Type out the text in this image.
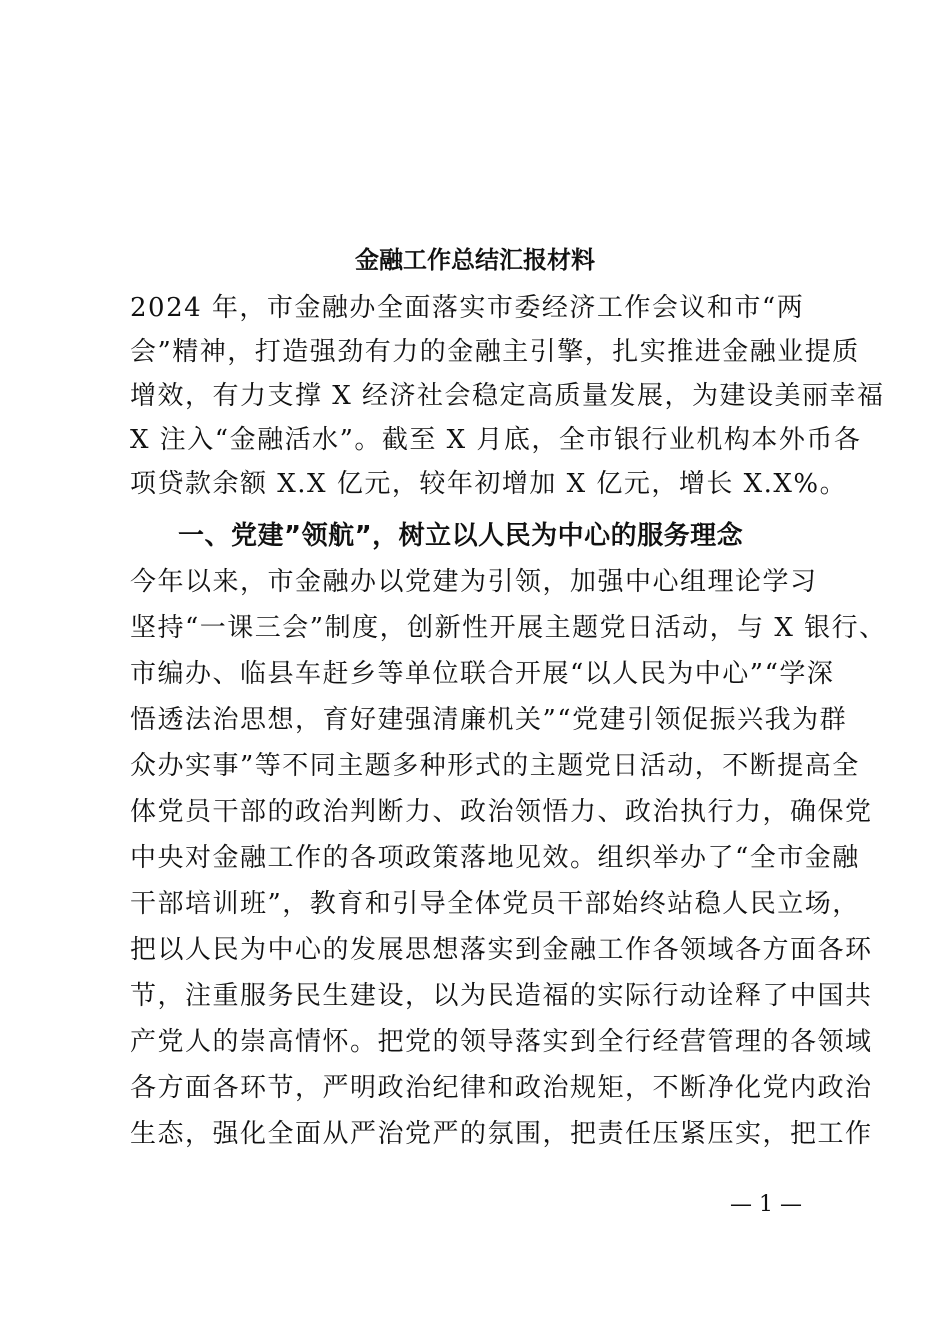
金融工作总结汇报材料
2024 年，市金融办全面落实市委经济工作会议和市“两
会”精神，打造强劲有力的金融主引擎，扎实推进金融业提质
增效，有力支撑 X 经济社会稳定高质量发展，为建设美丽幸福
X 注入“金融活水”。截至 X 月底，全市银行业机构本外币各
项贷款余额 X.X 亿元，较年初增加 X 亿元，增长 X.X%。
一、党建”领航”，树立以人民为中心的服务理念
今年以来，市金融办以党建为引领，加强中心组理论学习
坚持“一课三会”制度，创新性开展主题党日活动，与 X 银行、
市编办、临县车赶乡等单位联合开展“以人民为中心”“学深
悟透法治思想，育好建强清廉机关”“党建引领促振兴我为群
众办实事”等不同主题多种形式的主题党日活动，不断提高全
体党员干部的政治判断力、政治领悟力、政治执行力，确保党
中央对金融工作的各项政策落地见效。组织举办了“全市金融
干部培训班”，教育和引导全体党员干部始终站稳人民立场，
把以人民为中心的发展思想落实到金融工作各领域各方面各环
节，注重服务民生建设，以为民造福的实际行动诠释了中国共
产党人的崇高情怀。把党的领导落实到全行经营管理的各领域
各方面各环节，严明政治纪律和政治规矩，不断净化党内政治
生态，强化全面从严治党严的氛围，把责任压紧压实，把工作
— 1 —
